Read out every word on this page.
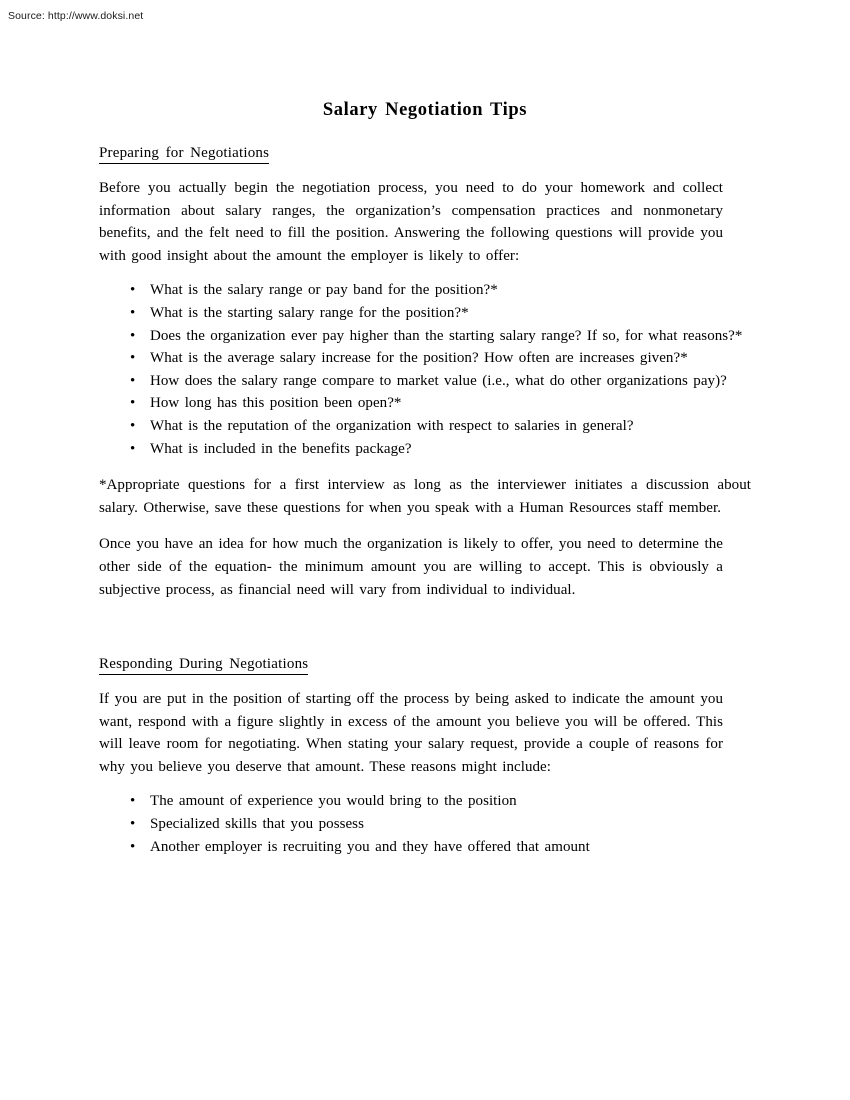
Source: http://www.doksi.net
Salary Negotiation Tips
Preparing for Negotiations

Before you actually begin the negotiation process, you need to do your homework and collect information about salary ranges, the organization’s compensation practices and nonmonetary benefits, and the felt need to fill the position. Answering the following questions will provide you with good insight about the amount the employer is likely to offer:

• What is the salary range or pay band for the position?*
• What is the starting salary range for the position?*
• Does the organization ever pay higher than the starting salary range? If so, for what reasons?*
• What is the average salary increase for the position? How often are increases given?*
• How does the salary range compare to market value (i.e., what do other organizations pay)?
• How long has this position been open?*
• What is the reputation of the organization with respect to salaries in general?
• What is included in the benefits package?

*Appropriate questions for a first interview as long as the interviewer initiates a discussion about salary. Otherwise, save these questions for when you speak with a Human Resources staff member.

Once you have an idea for how much the organization is likely to offer, you need to determine the other side of the equation- the minimum amount you are willing to accept. This is obviously a subjective process, as financial need will vary from individual to individual.

Responding During Negotiations

If you are put in the position of starting off the process by being asked to indicate the amount you want, respond with a figure slightly in excess of the amount you believe you will be offered. This will leave room for negotiating. When stating your salary request, provide a couple of reasons for why you believe you deserve that amount. These reasons might include:

• The amount of experience you would bring to the position
• Specialized skills that you possess
• Another employer is recruiting you and they have offered that amount
